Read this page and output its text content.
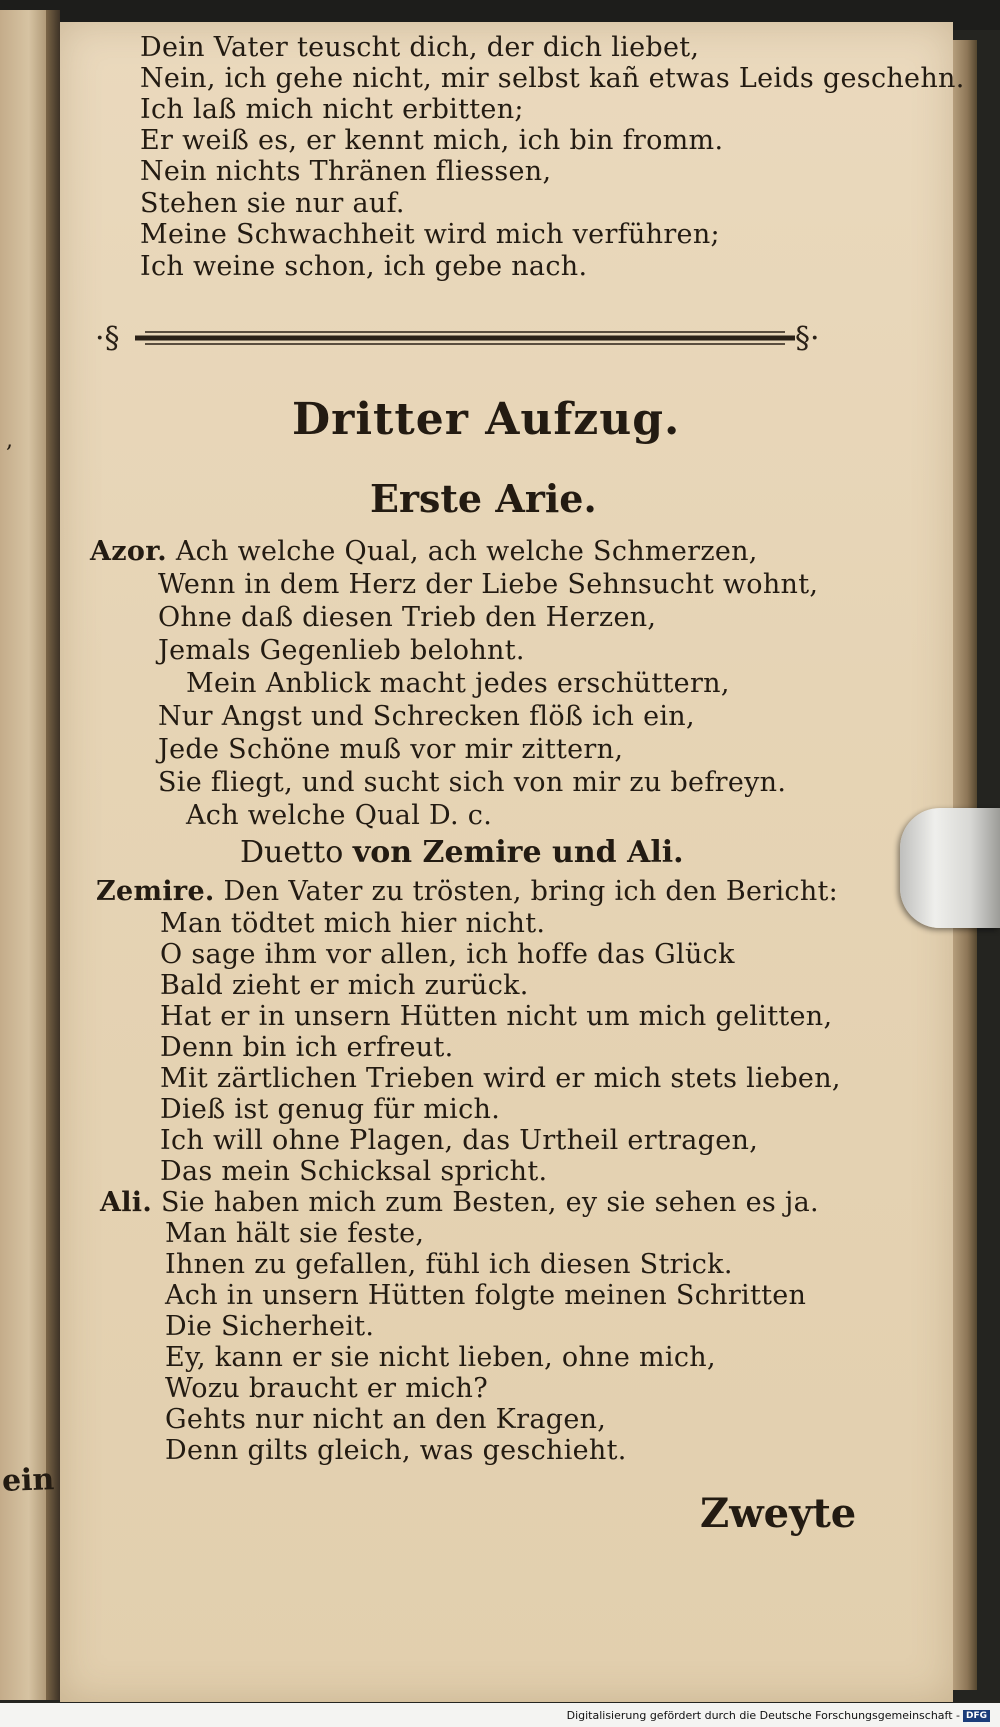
,
ein
Dein Vater teuscht dich, der dich liebet,
Nein, ich gehe nicht, mir selbst kañ etwas Leids geschehn.
Ich laß mich nicht erbitten;
Er weiß es, er kennt mich, ich bin fromm.
Nein nichts Thränen fliessen,
Stehen sie nur auf.
Meine Schwachheit wird mich verführen;
Ich weine schon, ich gebe nach.
·§	§·
Dritter Aufzug.
Erste Arie.
Azor. Ach welche Qual, ach welche Schmerzen,
Wenn in dem Herz der Liebe Sehnsucht wohnt,
Ohne daß diesen Trieb den Herzen,
Jemals Gegenlieb belohnt.
Mein Anblick macht jedes erschüttern,
Nur Angst und Schrecken flöß ich ein,
Jede Schöne muß vor mir zittern,
Sie fliegt, und sucht sich von mir zu befreyn.
Ach welche Qual D. c.
Duetto von Zemire und Ali.
Zemire. Den Vater zu trösten, bring ich den Bericht:
Man tödtet mich hier nicht.
O sage ihm vor allen, ich hoffe das Glück
Bald zieht er mich zurück.
Hat er in unsern Hütten nicht um mich gelitten,
Denn bin ich erfreut.
Mit zärtlichen Trieben wird er mich stets lieben,
Dieß ist genug für mich.
Ich will ohne Plagen, das Urtheil ertragen,
Das mein Schicksal spricht.
Ali. Sie haben mich zum Besten, ey sie sehen es ja.
Man hält sie feste,
Ihnen zu gefallen, fühl ich diesen Strick.
Ach in unsern Hütten folgte meinen Schritten
Die Sicherheit.
Ey, kann er sie nicht lieben, ohne mich,
Wozu braucht er mich?
Gehts nur nicht an den Kragen,
Denn gilts gleich, was geschieht.
Zweyte
Digitalisierung gefördert durch die Deutsche Forschungsgemeinschaft - DFG
